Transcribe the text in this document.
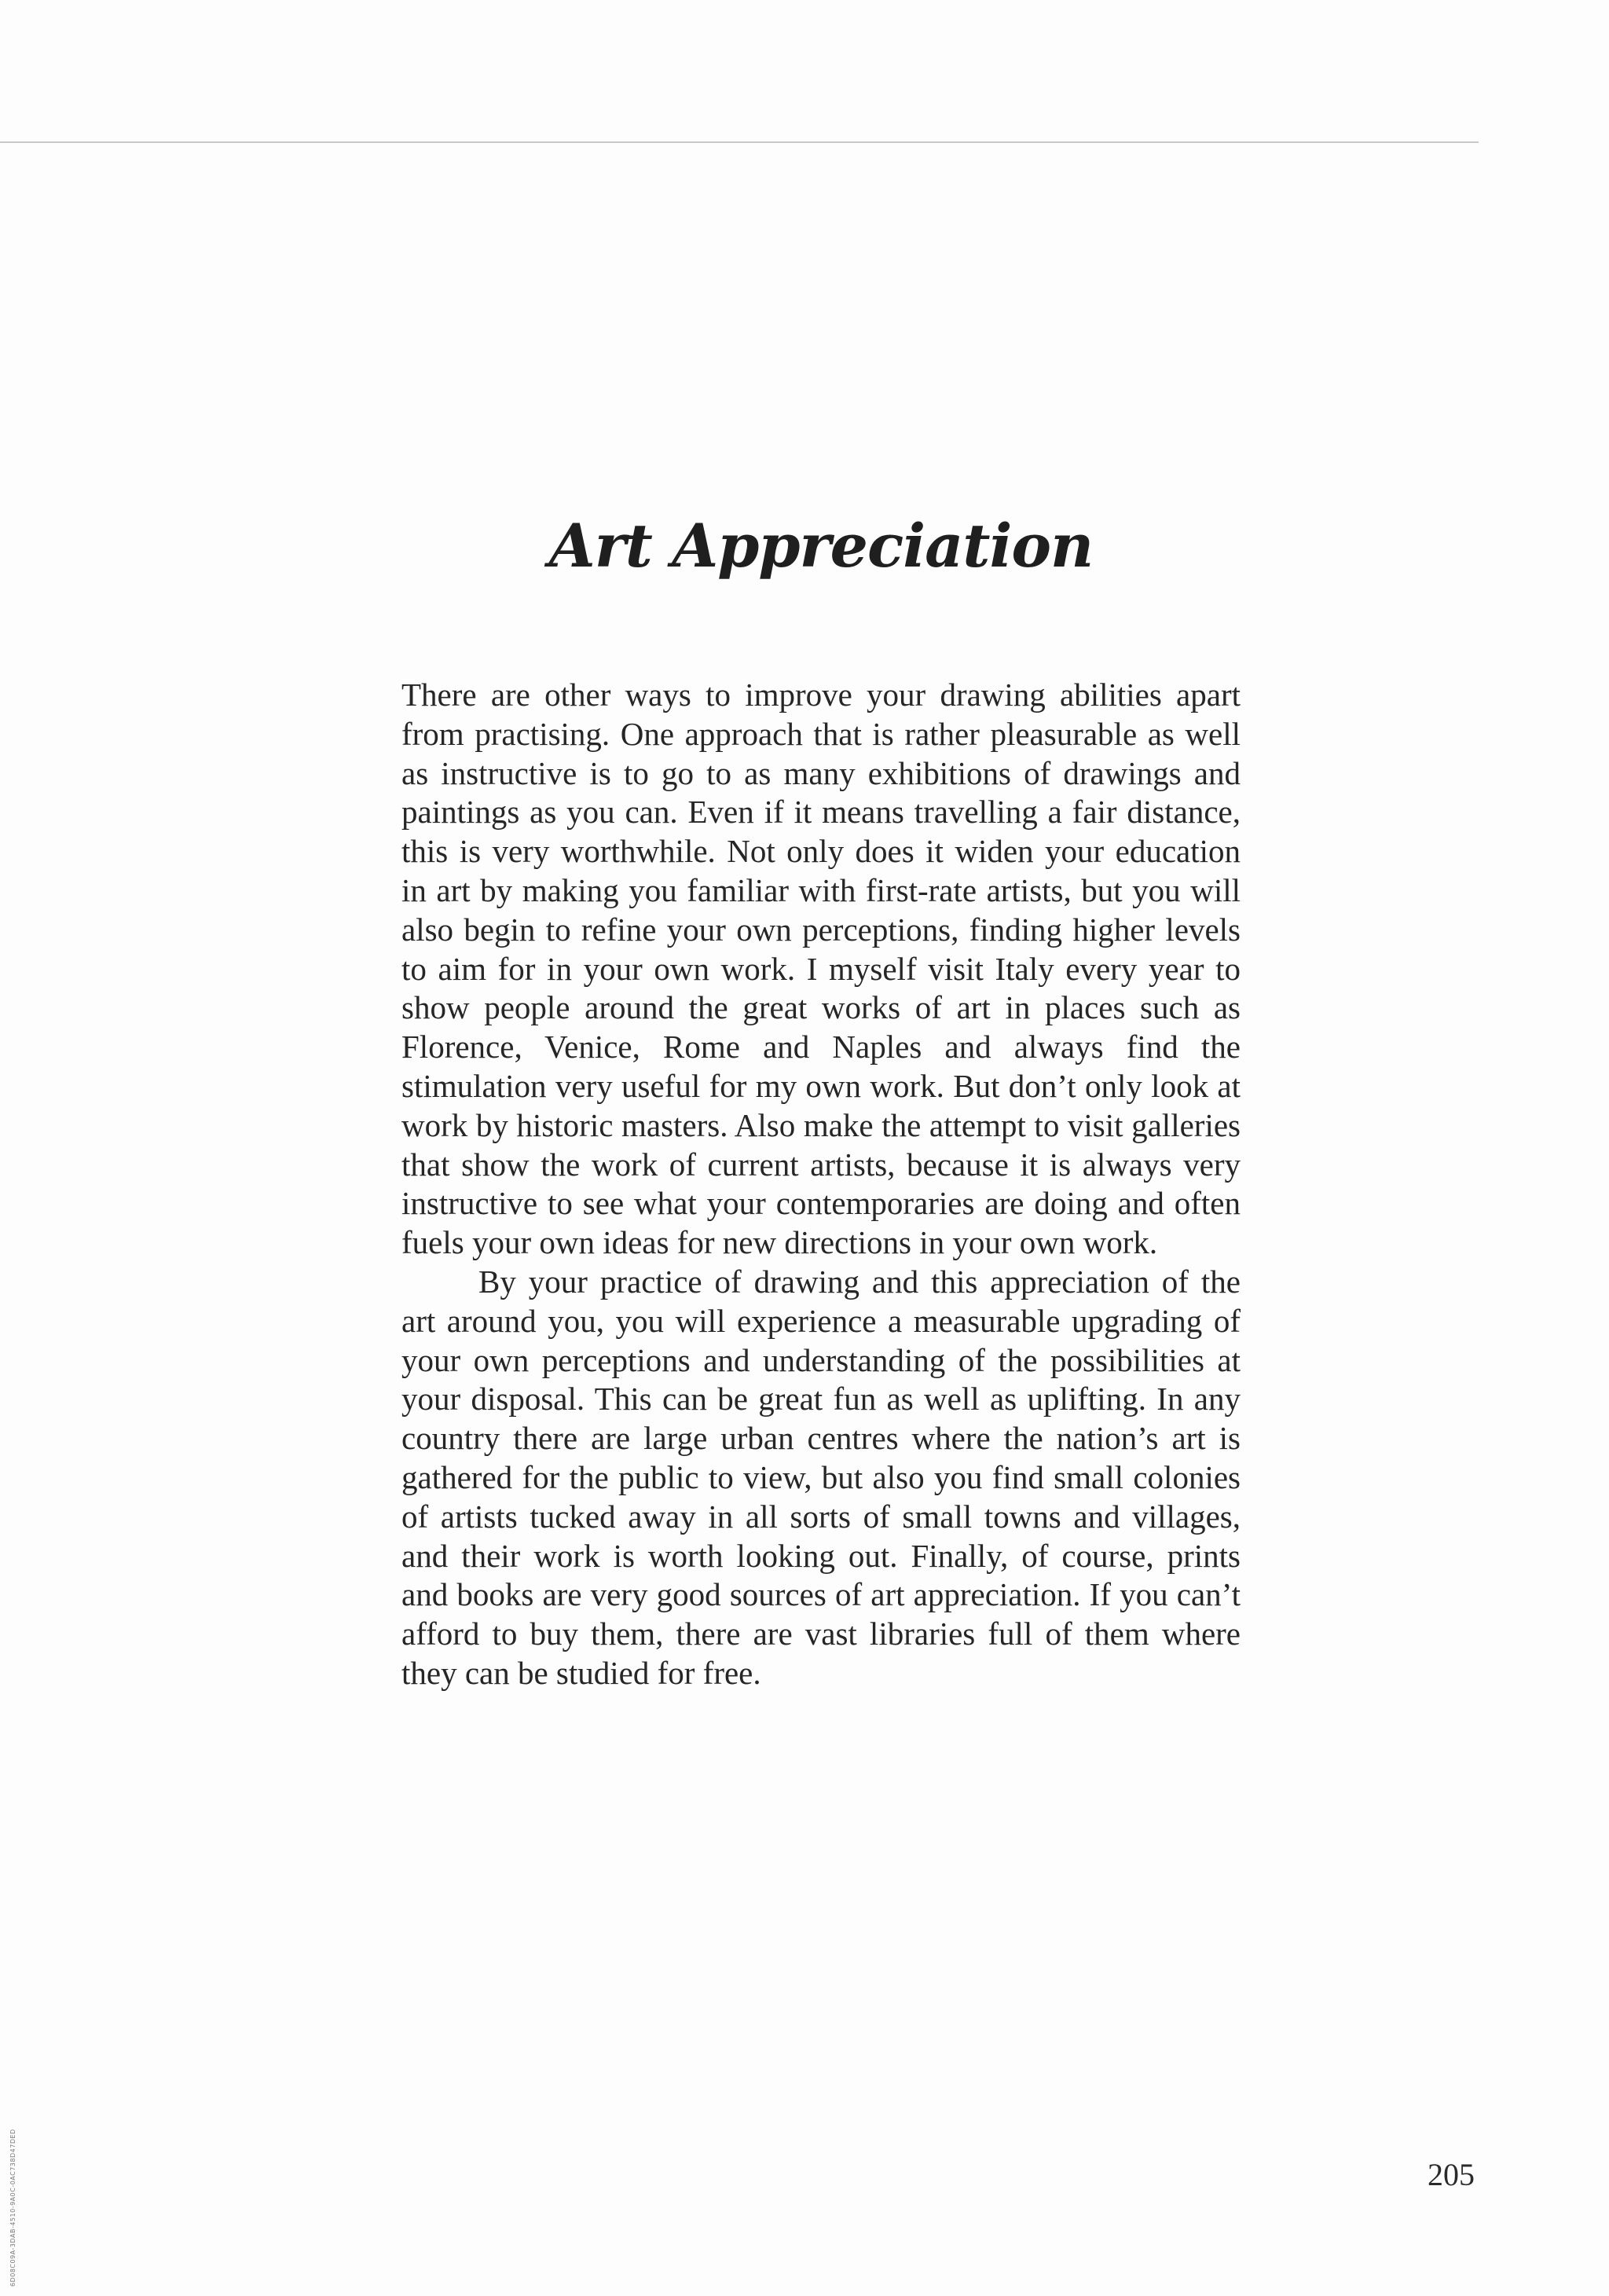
Art Appreciation

There are other ways to improve your drawing abilities apart from practising. One approach that is rather pleasurable as well as instructive is to go to as many exhibitions of drawings and paintings as you can. Even if it means travelling a fair distance, this is very worthwhile. Not only does it widen your education in art by making you familiar with first-rate artists, but you will also begin to refine your own perceptions, finding higher levels to aim for in your own work. I myself visit Italy every year to show people around the great works of art in places such as Florence, Venice, Rome and Naples and always find the stimulation very useful for my own work. But don’t only look at work by historic masters. Also make the attempt to visit galleries that show the work of current artists, because it is always very instructive to see what your contemporaries are doing and often fuels your own ideas for new directions in your own work.

By your practice of drawing and this appreciation of the art around you, you will experience a measurable upgrading of your own perceptions and understanding of the possibilities at your disposal. This can be great fun as well as uplifting. In any country there are large urban centres where the nation’s art is gathered for the public to view, but also you find small colonies of artists tucked away in all sorts of small towns and villages, and their work is worth looking out. Finally, of course, prints and books are very good sources of art appreciation. If you can’t afford to buy them, there are vast libraries full of them where they can be studied for free.

205
6D08C09A-3DAB-4510-9A0C-0AC738D47DED
